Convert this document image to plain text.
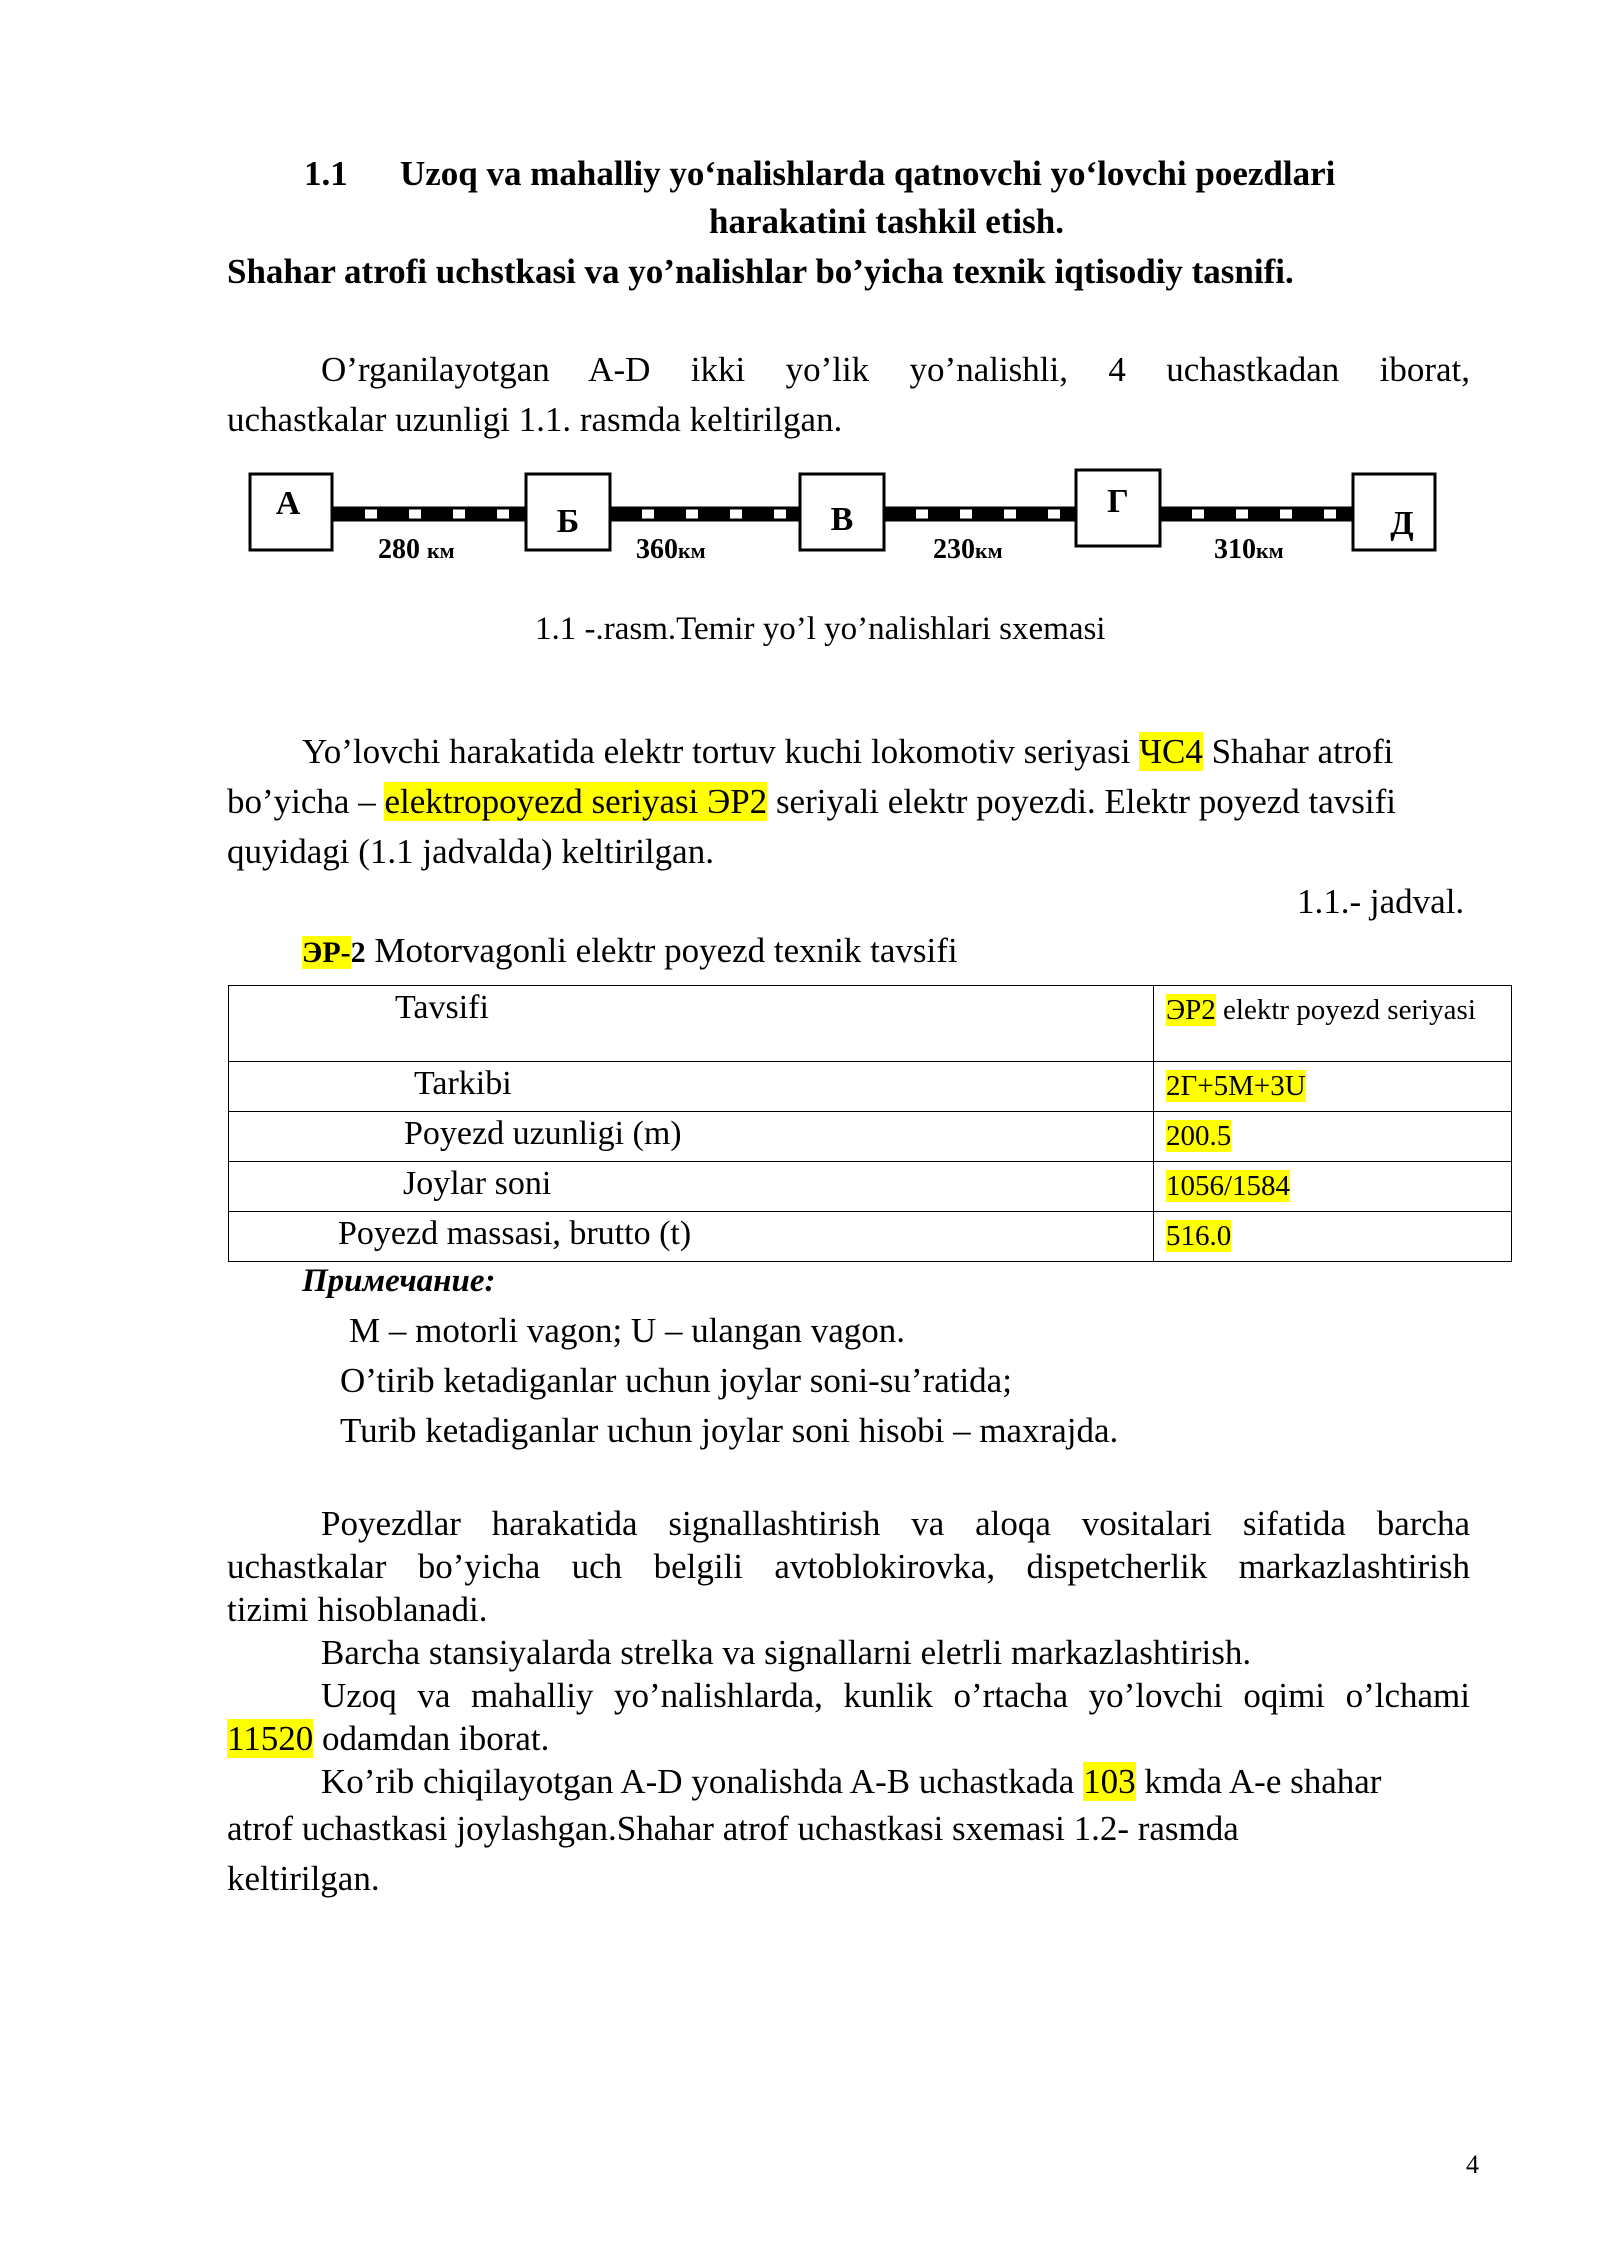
1.1 Uzoq va mahalliy yo‘nalishlarda qatnovchi yo‘lovchi poezdlari
harakatini tashkil etish.
Shahar atrofi uchstkasi va yo’nalishlar bo’yicha texnik iqtisodiy tasnifi.
O’rganilayotgan A-D ikki yo’lik yo’nalishli, 4 uchastkadan iborat,
uchastkalar uzunligi 1.1. rasmda keltirilgan.
А	Б	В	Г
Д
280 км	360км	230км	310км
1.1 -.rasm.Temir yo’l yo’nalishlari sxemasi
Yo’lovchi harakatida elektr tortuv kuchi lokomotiv seriyasi ЧС4 Shahar atrofi
bo’yicha – elektropoyezd seriyasi ЭР2 seriyali elektr poyezdi. Elektr poyezd tavsifi
quyidagi (1.1 jadvalda) keltirilgan.
1.1.- jadval.
ЭР-2 Motorvagonli elektr poyezd texnik tavsifi
Tavsifi	ЭР2 elektr poyezd seriyasi

Tarkibi	2Г+5М+3U

Poyezd uzunligi (m)	200.5

Joylar soni	1056/1584

Poyezd massasi, brutto (t)	516.0
Примечание:
М – motorli vagon; U – ulangan vagon.
O’tirib ketadiganlar uchun joylar soni-su’ratida;
Turib ketadiganlar uchun joylar soni hisobi – maxrajda.
Poyezdlar harakatida signallashtirish va aloqa vositalari sifatida barcha
uchastkalar bo’yicha uch belgili avtoblokirovka, dispetcherlik markazlashtirish
tizimi hisoblanadi.
Barcha stansiyalarda strelka va signallarni eletrli markazlashtirish.
Uzoq va mahalliy yo’nalishlarda, kunlik o’rtacha yo’lovchi oqimi o’lchami
11520 odamdan iborat.
Ko’rib chiqilayotgan A-D yonalishda A-B uchastkada 103 kmda A-e shahar
atrof uchastkasi joylashgan.Shahar atrof uchastkasi sxemasi 1.2- rasmda
keltirilgan.
4
